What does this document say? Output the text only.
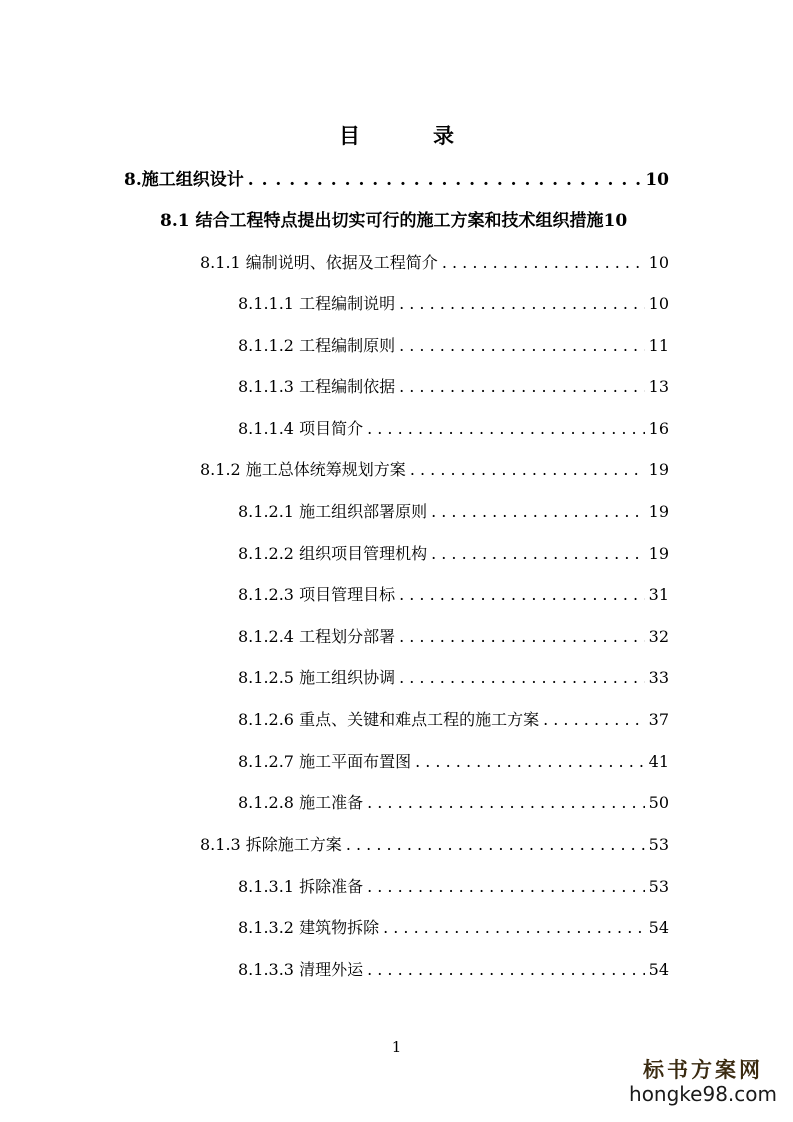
目　录
8.施工组织设计 . . .	10
8.1 结合工程特点提出切实可行的施工方案和技术组织措施 10
8.1.1 编制说明、依据及工程简介 . . .	10
8.1.1.1 工程编制说明 . . .	10
8.1.1.2 工程编制原则 . . .	11
8.1.1.3 工程编制依据 . . .	13
8.1.1.4 项目简介 . . .	16
8.1.2 施工总体统筹规划方案 . . .	19
8.1.2.1 施工组织部署原则 . . .	19
8.1.2.2 组织项目管理机构 . . .	19
8.1.2.3 项目管理目标 . . .	31
8.1.2.4 工程划分部署 . . .	32
8.1.2.5 施工组织协调 . . .	33
8.1.2.6 重点、关键和难点工程的施工方案 . . .	37
8.1.2.7 施工平面布置图 . . .	41
8.1.2.8 施工准备 . . .	50
8.1.3 拆除施工方案 . . .	53
8.1.3.1 拆除准备 . . .	53
8.1.3.2 建筑物拆除 . . .	54
8.1.3.3 清理外运 . . .	54
1
标书方案网
hongke98.com
